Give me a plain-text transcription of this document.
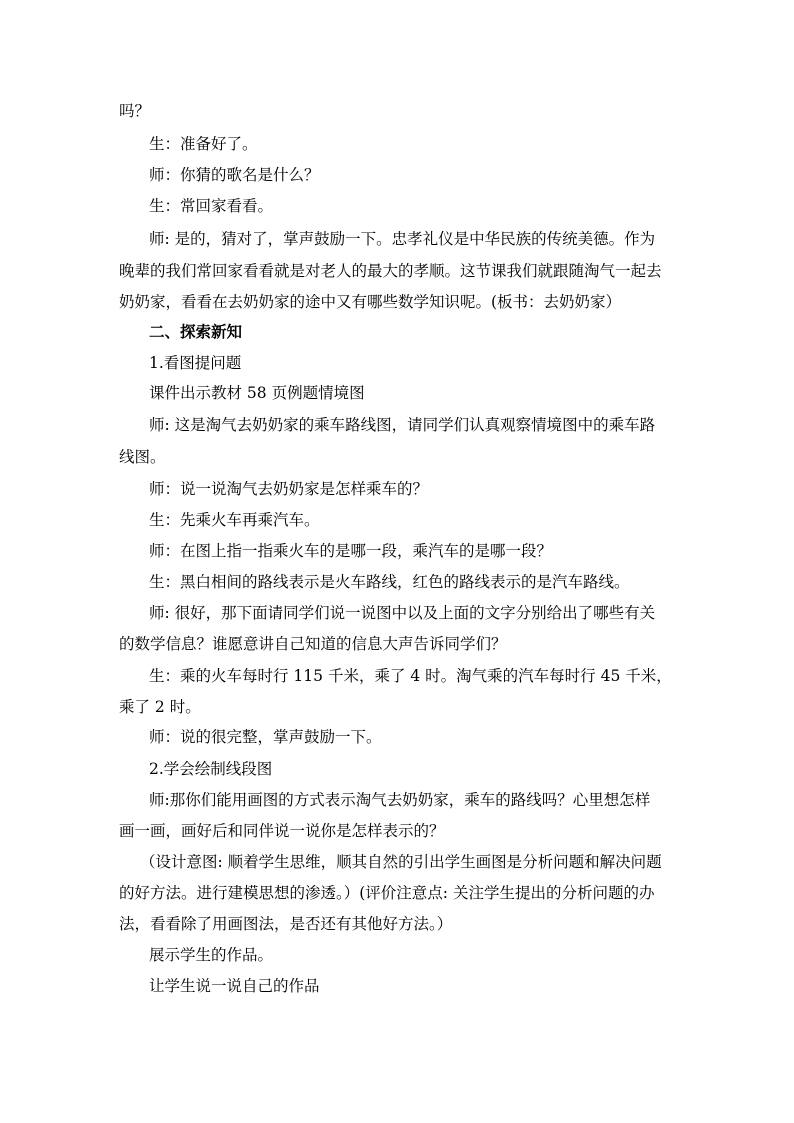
吗？
生：准备好了。
师：你猜的歌名是什么？
生：常回家看看。
师: 是的，猜对了，掌声鼓励一下。忠孝礼仪是中华民族的传统美德。作为
晚辈的我们常回家看看就是对老人的最大的孝顺。这节课我们就跟随淘气一起去
奶奶家，看看在去奶奶家的途中又有哪些数学知识呢。(板书：去奶奶家）
二、探索新知
1.看图提问题
课件出示教材 58 页例题情境图
师: 这是淘气去奶奶家的乘车路线图，请同学们认真观察情境图中的乘车路
线图。
师：说一说淘气去奶奶家是怎样乘车的？
生：先乘火车再乘汽车。
师：在图上指一指乘火车的是哪一段，乘汽车的是哪一段？
生：黑白相间的路线表示是火车路线，红色的路线表示的是汽车路线。
师: 很好，那下面请同学们说一说图中以及上面的文字分别给出了哪些有关
的数学信息？谁愿意讲自己知道的信息大声告诉同学们？
生：乘的火车每时行 115 千米，乘了 4 时。淘气乘的汽车每时行 45 千米，
乘了 2 时。
师：说的很完整，掌声鼓励一下。
2.学会绘制线段图
师:那你们能用画图的方式表示淘气去奶奶家，乘车的路线吗？心里想怎样
画一画，画好后和同伴说一说你是怎样表示的？
（设计意图: 顺着学生思维，顺其自然的引出学生画图是分析问题和解决问题
的好方法。进行建模思想的渗透。）(评价注意点: 关注学生提出的分析问题的办
法，看看除了用画图法，是否还有其他好方法。）
展示学生的作品。
让学生说一说自己的作品
